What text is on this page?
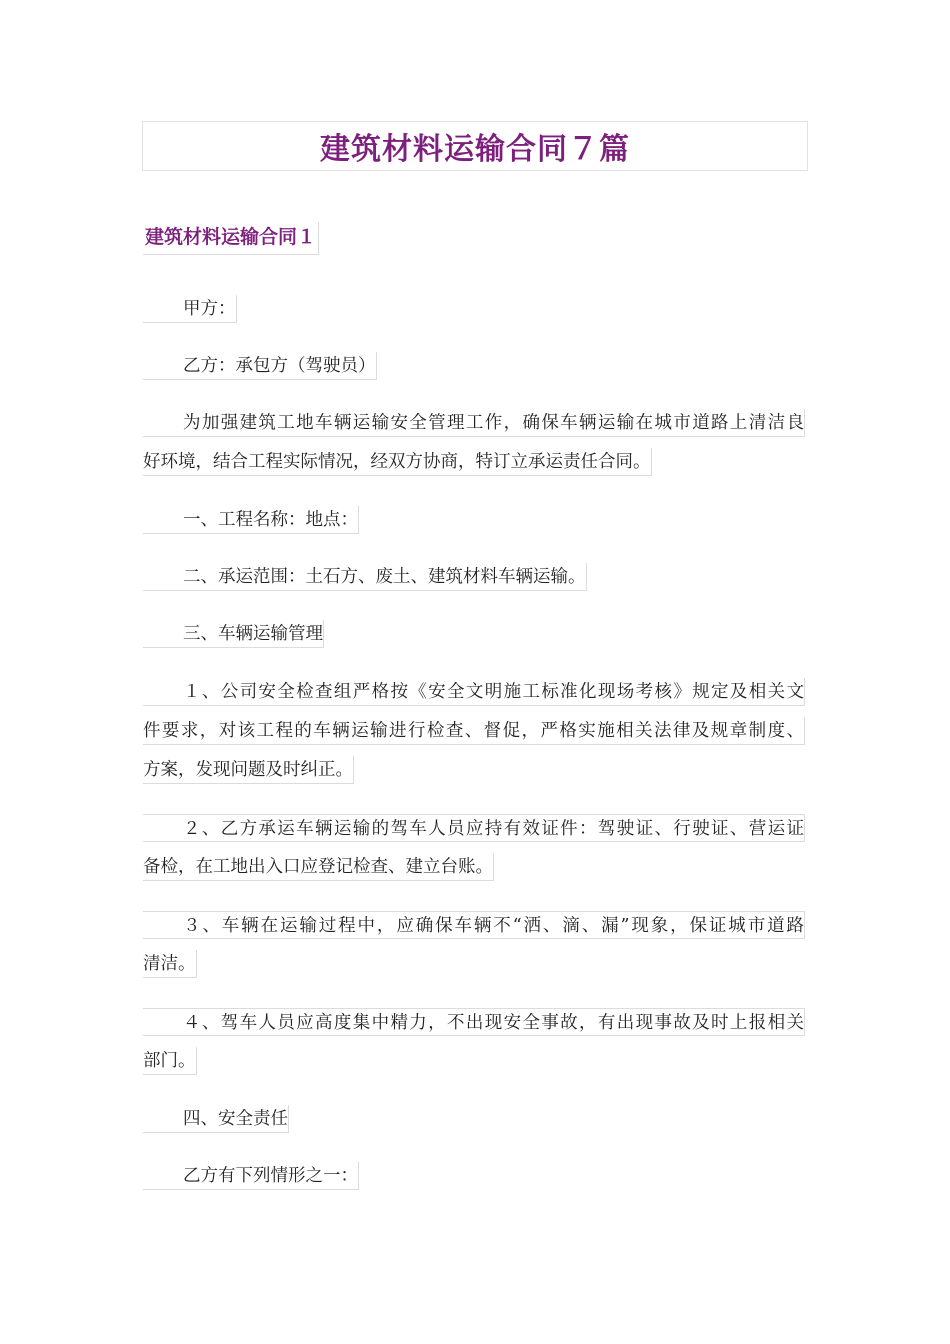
建筑材料运输合同７篇
建筑材料运输合同１
甲方：
乙方：承包方（驾驶员）
为加强建筑工地车辆运输安全管理工作，确保车辆运输在城市道路上清洁良
好环境，结合工程实际情况，经双方协商，特订立承运责任合同。
一、工程名称：地点：
二、承运范围：土石方、废土、建筑材料车辆运输。
三、车辆运输管理
１、公司安全检查组严格按《安全文明施工标准化现场考核》规定及相关文
件要求，对该工程的车辆运输进行检查、督促，严格实施相关法律及规章制度、
方案，发现问题及时纠正。
２、乙方承运车辆运输的驾车人员应持有效证件：驾驶证、行驶证、营运证
备检，在工地出入口应登记检查、建立台账。
３、车辆在运输过程中，应确保车辆不“洒、滴、漏”现象，保证城市道路
清洁。
４、驾车人员应高度集中精力，不出现安全事故，有出现事故及时上报相关
部门。
四、安全责任
乙方有下列情形之一：
